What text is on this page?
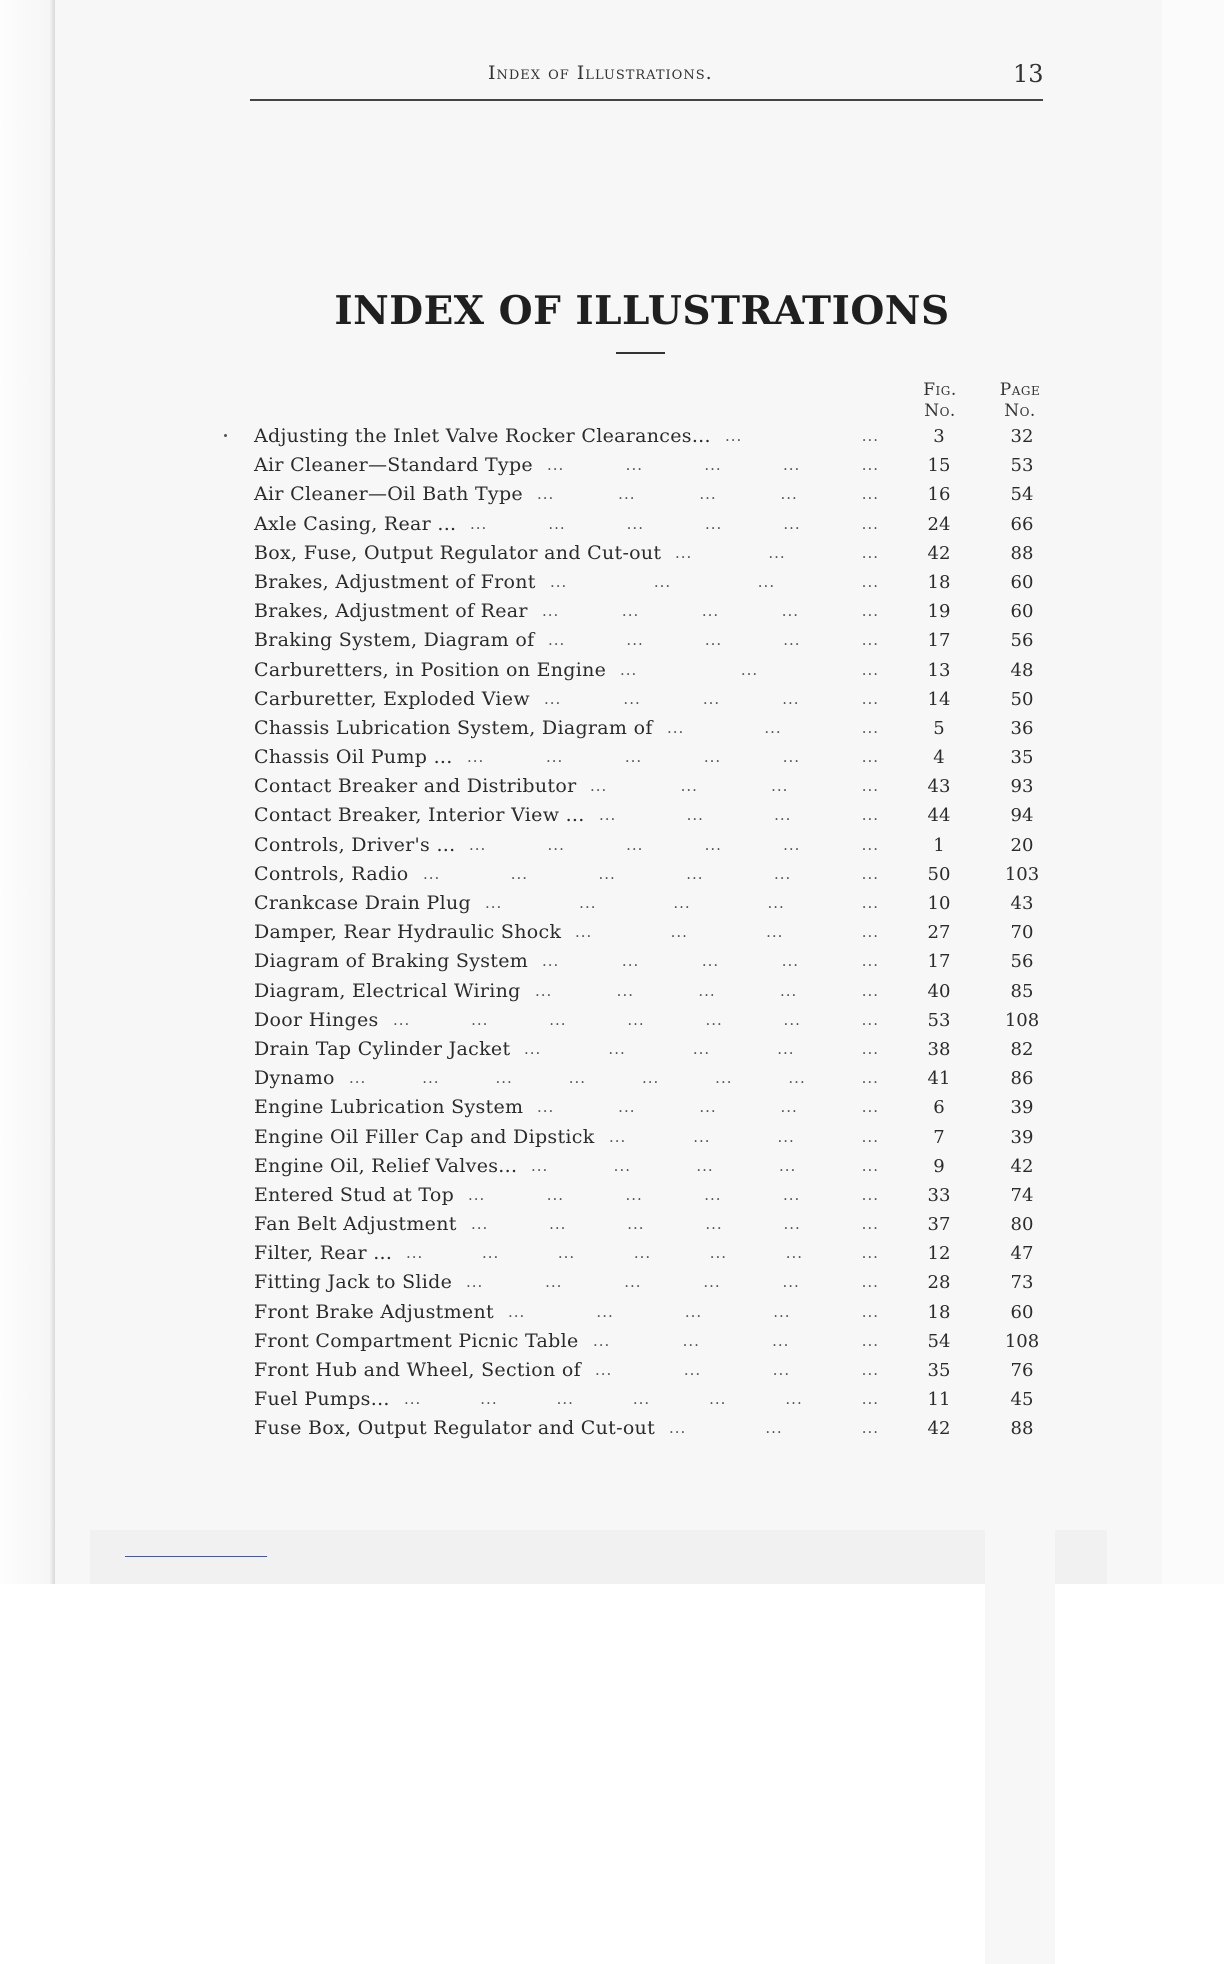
Index of Illustrations.	13
INDEX OF ILLUSTRATIONS
Fig. No.
Page No.
Adjusting the Inlet Valve Rocker Clearances... ...	...	3	32
Air Cleaner—Standard Type ...	...	...	...	...	15	53
Air Cleaner—Oil Bath Type ...	...	...	...	...	16	54
Axle Casing, Rear ... ...	...	...	...	...	...	24	66
Box, Fuse, Output Regulator and Cut-out ...	...	...	42	88
Brakes, Adjustment of Front ...	...	...	...	18	60
Brakes, Adjustment of Rear ...	...	...	...	...	19	60
Braking System, Diagram of ...	...	...	...	...	17	56
Carburetters, in Position on Engine ...	...	...	13	48
Carburetter, Exploded View ...	...	...	...	...	14	50
Chassis Lubrication System, Diagram of ...	...	...	5	36
Chassis Oil Pump ... ...	...	...	...	...	...	4	35
Contact Breaker and Distributor ...	...	...	...	43	93
Contact Breaker, Interior View ... ...	...	...	...	44	94
Controls, Driver's ... ...	...	...	...	...	...	1	20
Controls, Radio ...	...	...	...	...	...	50	103
Crankcase Drain Plug ...	...	...	...	...	10	43
Damper, Rear Hydraulic Shock ...	...	...	...	27	70
Diagram of Braking System ...	...	...	...	...	17	56
Diagram, Electrical Wiring ...	...	...	...	...	40	85
Door Hinges ...	...	...	...	...	...	...	53	108
Drain Tap Cylinder Jacket ...	...	...	...	...	38	82
Dynamo ...	...	...	...	...	...	...	...	41	86
Engine Lubrication System ...	...	...	...	...	6	39
Engine Oil Filler Cap and Dipstick ...	...	...	...	7	39
Engine Oil, Relief Valves... ...	...	...	...	...	9	42
Entered Stud at Top ...	...	...	...	...	...	33	74
Fan Belt Adjustment ...	...	...	...	...	...	37	80
Filter, Rear ... ...	...	...	...	...	...	...	12	47
Fitting Jack to Slide ...	...	...	...	...	...	28	73
Front Brake Adjustment ...	...	...	...	...	18	60
Front Compartment Picnic Table ...	...	...	...	54	108
Front Hub and Wheel, Section of ...	...	...	...	35	76
Fuel Pumps... ...	...	...	...	...	...	...	11	45
Fuse Box, Output Regulator and Cut-out ...	...	...	42	88
